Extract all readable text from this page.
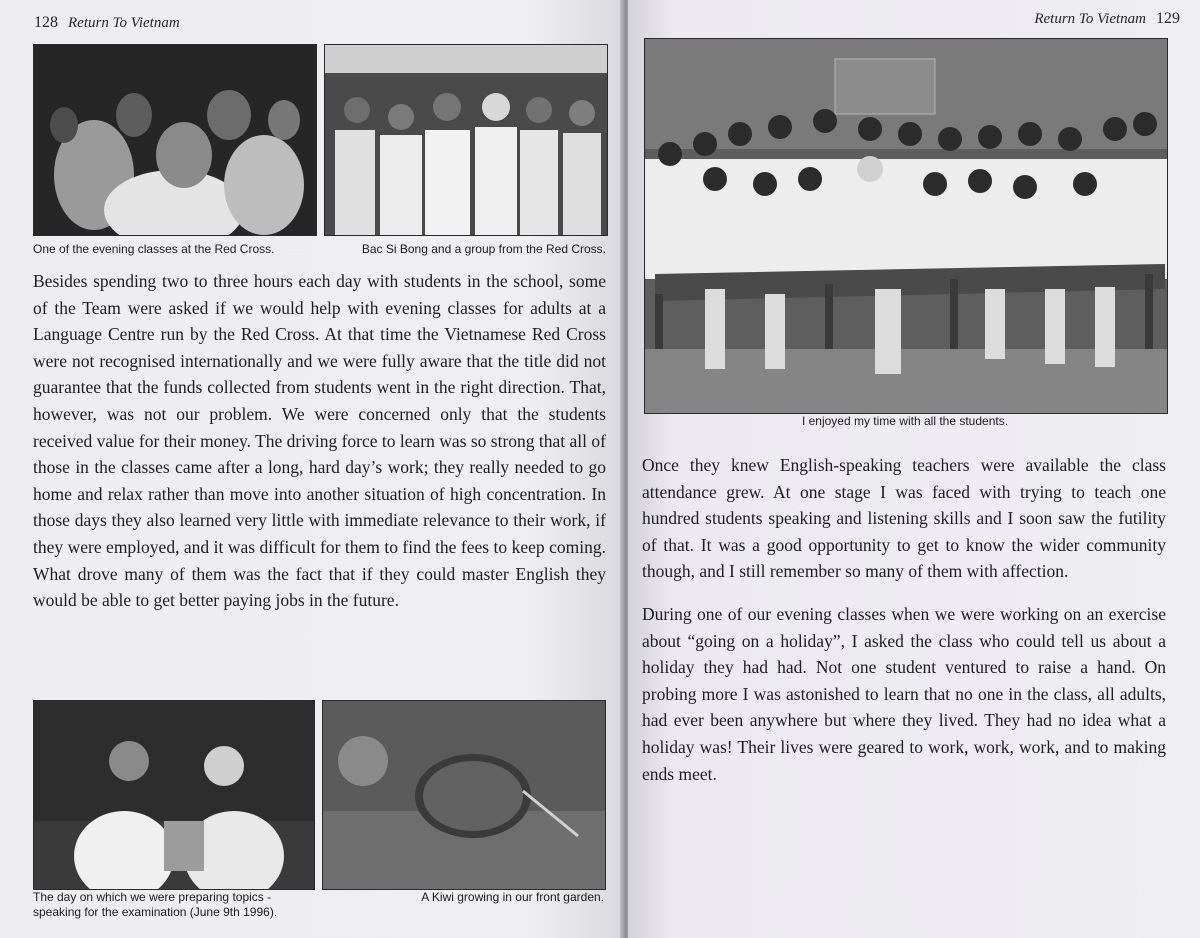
128 Return To Vietnam
One of the evening classes at the Red Cross.	Bac Si Bong and a group from the Red Cross.

Besides spending two to three hours each day with students in the school, some of the Team were asked if we would help with evening classes for adults at a Language Centre run by the Red Cross. At that time the Vietnamese Red Cross were not recognised internationally and we were fully aware that the title did not guarantee that the funds collected from students went in the right direction. That, however, was not our problem. We were concerned only that the students received value for their money. The driving force to learn was so strong that all of those in the classes came after a long, hard day’s work; they really needed to go home and relax rather than move into another situation of high concentration. In those days they also learned very little with immediate relevance to their work, if they were employed, and it was difficult for them to find the fees to keep coming. What drove many of them was the fact that if they could master English they would be able to get better paying jobs in the future.

The day on which we were preparing topics - speaking for the examination (June 9th 1996).
A Kiwi growing in our front garden.
Return To Vietnam 129
I enjoyed my time with all the students.

Once they knew English-speaking teachers were available the class attendance grew. At one stage I was faced with trying to teach one hundred students speaking and listening skills and I soon saw the futility of that. It was a good opportunity to get to know the wider community though, and I still remember so many of them with affection.

During one of our evening classes when we were working on an exercise about “going on a holiday”, I asked the class who could tell us about a holiday they had had. Not one student ventured to raise a hand. On probing more I was astonished to learn that no one in the class, all adults, had ever been anywhere but where they lived. They had no idea what a holiday was! Their lives were geared to work, work, work, and to making ends meet.
